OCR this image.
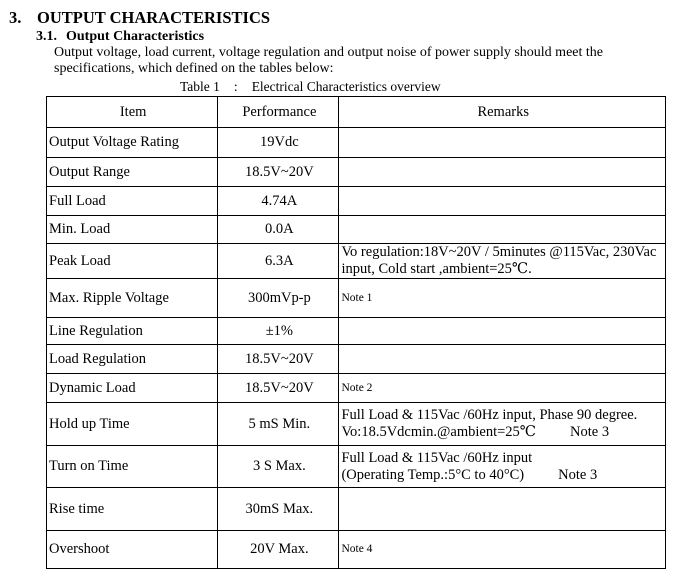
3. OUTPUT CHARACTERISTICS
3.1. Output Characteristics
Output voltage, load current, voltage regulation and output noise of power supply should meet the specifications, which defined on the tables below:
Table 1 : Electrical Characteristics overview
Item	Performance	Remarks
Output Voltage Rating	19Vdc	
Output Range	18.5V~20V	
Full Load	4.74A	
Min. Load	0.0A	
Peak Load	6.3A	Vo regulation:18V~20V / 5minutes @115Vac, 230Vac
input, Cold start ,ambient=25℃.

Max. Ripple Voltage	300mVp-p	Note 1

Line Regulation	±1%	
Load Regulation	18.5V~20V	
Dynamic Load	18.5V~20V	Note 2

Hold up Time	5 mS Min.	Full Load & 115Vac /60Hz input, Phase 90 degree.
Vo:18.5Vdcmin.@ambient=25℃ Note 3

Turn on Time	3 S Max.	Full Load & 115Vac /60Hz input
(Operating Temp.:5°C to 40°C) Note 3

Rise time	30mS Max.	
Overshoot	20V Max.	Note 4
